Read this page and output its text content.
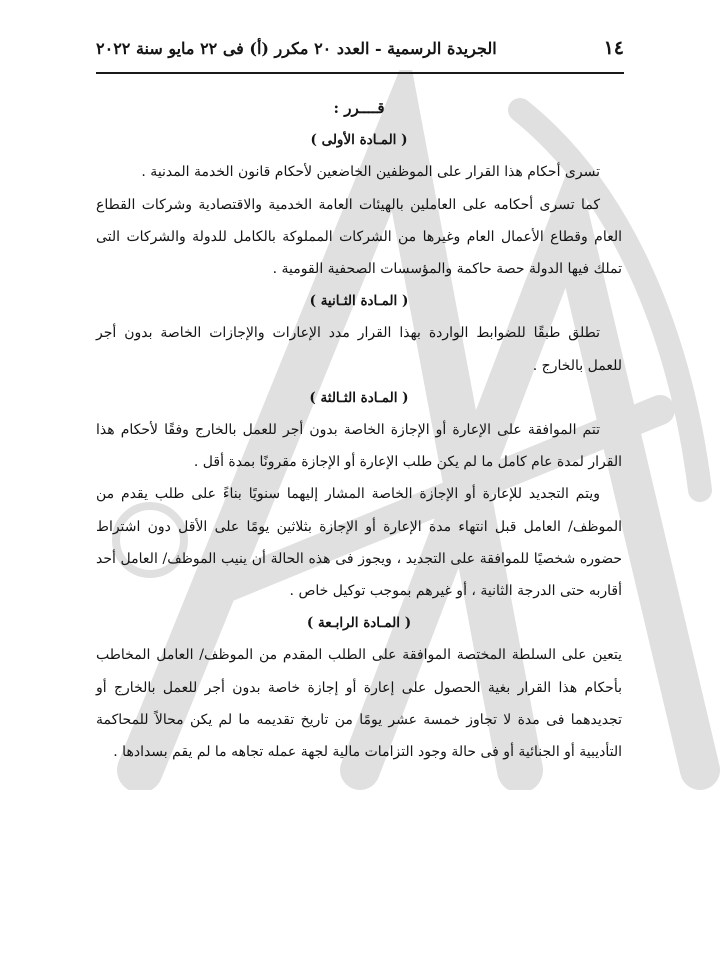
١٤
الجريدة الرسمية - العدد ٢٠ مكرر (أ) فى ٢٢ مايو سنة ٢٠٢٢
قــــرر :
( المـادة الأولى )

تسرى أحكام هذا القرار على الموظفين الخاضعين لأحكام قانون الخدمة المدنية .

كما تسرى أحكامه على العاملين بالهيئات العامة الخدمية والاقتصادية وشركات القطاع العام وقطاع الأعمال العام وغيرها من الشركات المملوكة بالكامل للدولة والشركات التى تملك فيها الدولة حصة حاكمة والمؤسسات الصحفية القومية .

( المـادة الثـانية )

تطلق طبقًا للضوابط الواردة بهذا القرار مدد الإعارات والإجازات الخاصة بدون أجر للعمل بالخارج .

( المـادة الثـالثة )

تتم الموافقة على الإعارة أو الإجازة الخاصة بدون أجر للعمل بالخارج وفقًا لأحكام هذا القرار لمدة عام كامل ما لم يكن طلب الإعارة أو الإجازة مقرونًا بمدة أقل .

ويتم التجديد للإعارة أو الإجازة الخاصة المشار إليهما سنويًا بناءً على طلب يقدم من الموظف/ العامل قبل انتهاء مدة الإعارة أو الإجازة بثلاثين يومًا على الأقل دون اشتراط حضوره شخصيًا للموافقة على التجديد ، ويجوز فى هذه الحالة أن ينيب الموظف/ العامل أحد أقاربه حتى الدرجة الثانية ، أو غيرهم بموجب توكيل خاص .

( المـادة الرابـعة )

يتعين على السلطة المختصة الموافقة على الطلب المقدم من الموظف/ العامل المخاطب بأحكام هذا القرار بغية الحصول على إعارة أو إجازة خاصة بدون أجر للعمل بالخارج أو تجديدهما فى مدة لا تجاوز خمسة عشر يومًا من تاريخ تقديمه ما لم يكن محالاً للمحاكمة التأديبية أو الجنائية أو فى حالة وجود التزامات مالية لجهة عمله تجاهه ما لم يقم بسدادها .
